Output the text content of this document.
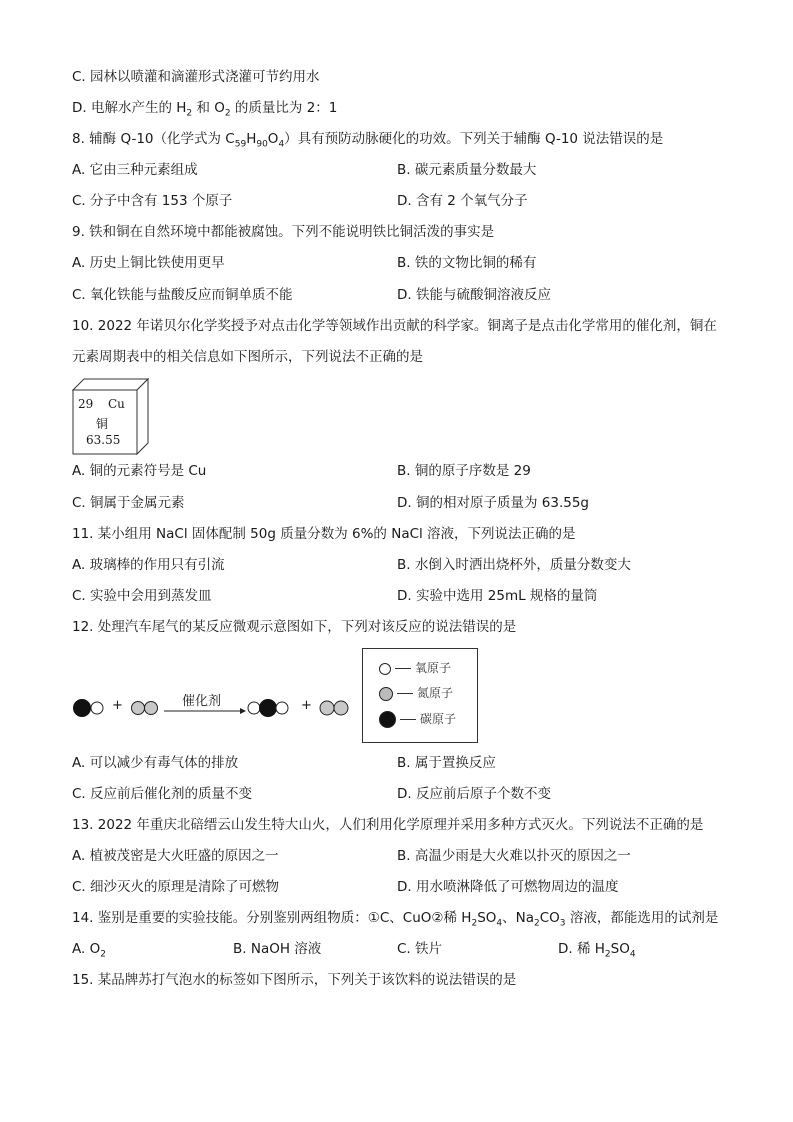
C. 园林以喷灌和滴灌形式浇灌可节约用水
D. 电解水产生的 $H_2$ 和 $O_2$ 的质量比为 2：1
8. 辅酶 Q-10（化学式为 $C_{59}H_{90}O_4$）具有预防动脉硬化的功效。下列关于辅酶 Q-10 说法错误的是
A. 它由三种元素组成	B. 碳元素质量分数最大
C. 分子中含有 153 个原子	D. 含有 2 个氧气分子
9. 铁和铜在自然环境中都能被腐蚀。下列不能说明铁比铜活泼的事实是
A. 历史上铜比铁使用更早	B. 铁的文物比铜的稀有
C. 氧化铁能与盐酸反应而铜单质不能	D. 铁能与硫酸铜溶液反应
10. 2022 年诺贝尔化学奖授予对点击化学等领域作出贡献的科学家。铜离子是点击化学常用的催化剂，铜在
元素周期表中的相关信息如下图所示，下列说法不正确的是
29 Cu
铜
63.55
A. 铜的元素符号是 Cu	B. 铜的原子序数是 29
C. 铜属于金属元素	D. 铜的相对原子质量为 63.55g
11. 某小组用 NaCl 固体配制 50g 质量分数为 6%的 NaCl 溶液，下列说法正确的是
A. 玻璃棒的作用只有引流	B. 水倒入时洒出烧杯外，质量分数变大
C. 实验中会用到蒸发皿	D. 实验中选用 25mL 规格的量筒
12. 处理汽车尾气的某反应微观示意图如下，下列对该反应的说法错误的是
+	催化剂	+
氧原子
氮原子
碳原子
A. 可以减少有毒气体的排放	B. 属于置换反应
C. 反应前后催化剂的质量不变	D. 反应前后原子个数不变
13. 2022 年重庆北碚缙云山发生特大山火，人们利用化学原理并采用多种方式灭火。下列说法不正确的是
A. 植被茂密是大火旺盛的原因之一	B. 高温少雨是大火难以扑灭的原因之一
C. 细沙灭火的原理是清除了可燃物	D. 用水喷淋降低了可燃物周边的温度
14. 鉴别是重要的实验技能。分别鉴别两组物质：①C、CuO②稀 $H_2SO_4$、$Na_2CO_3$ 溶液，都能选用的试剂是
A. $O_2$	B. NaOH 溶液	C. 铁片	D. 稀 $H_2SO_4$
15. 某品牌苏打气泡水的标签如下图所示，下列关于该饮料的说法错误的是
